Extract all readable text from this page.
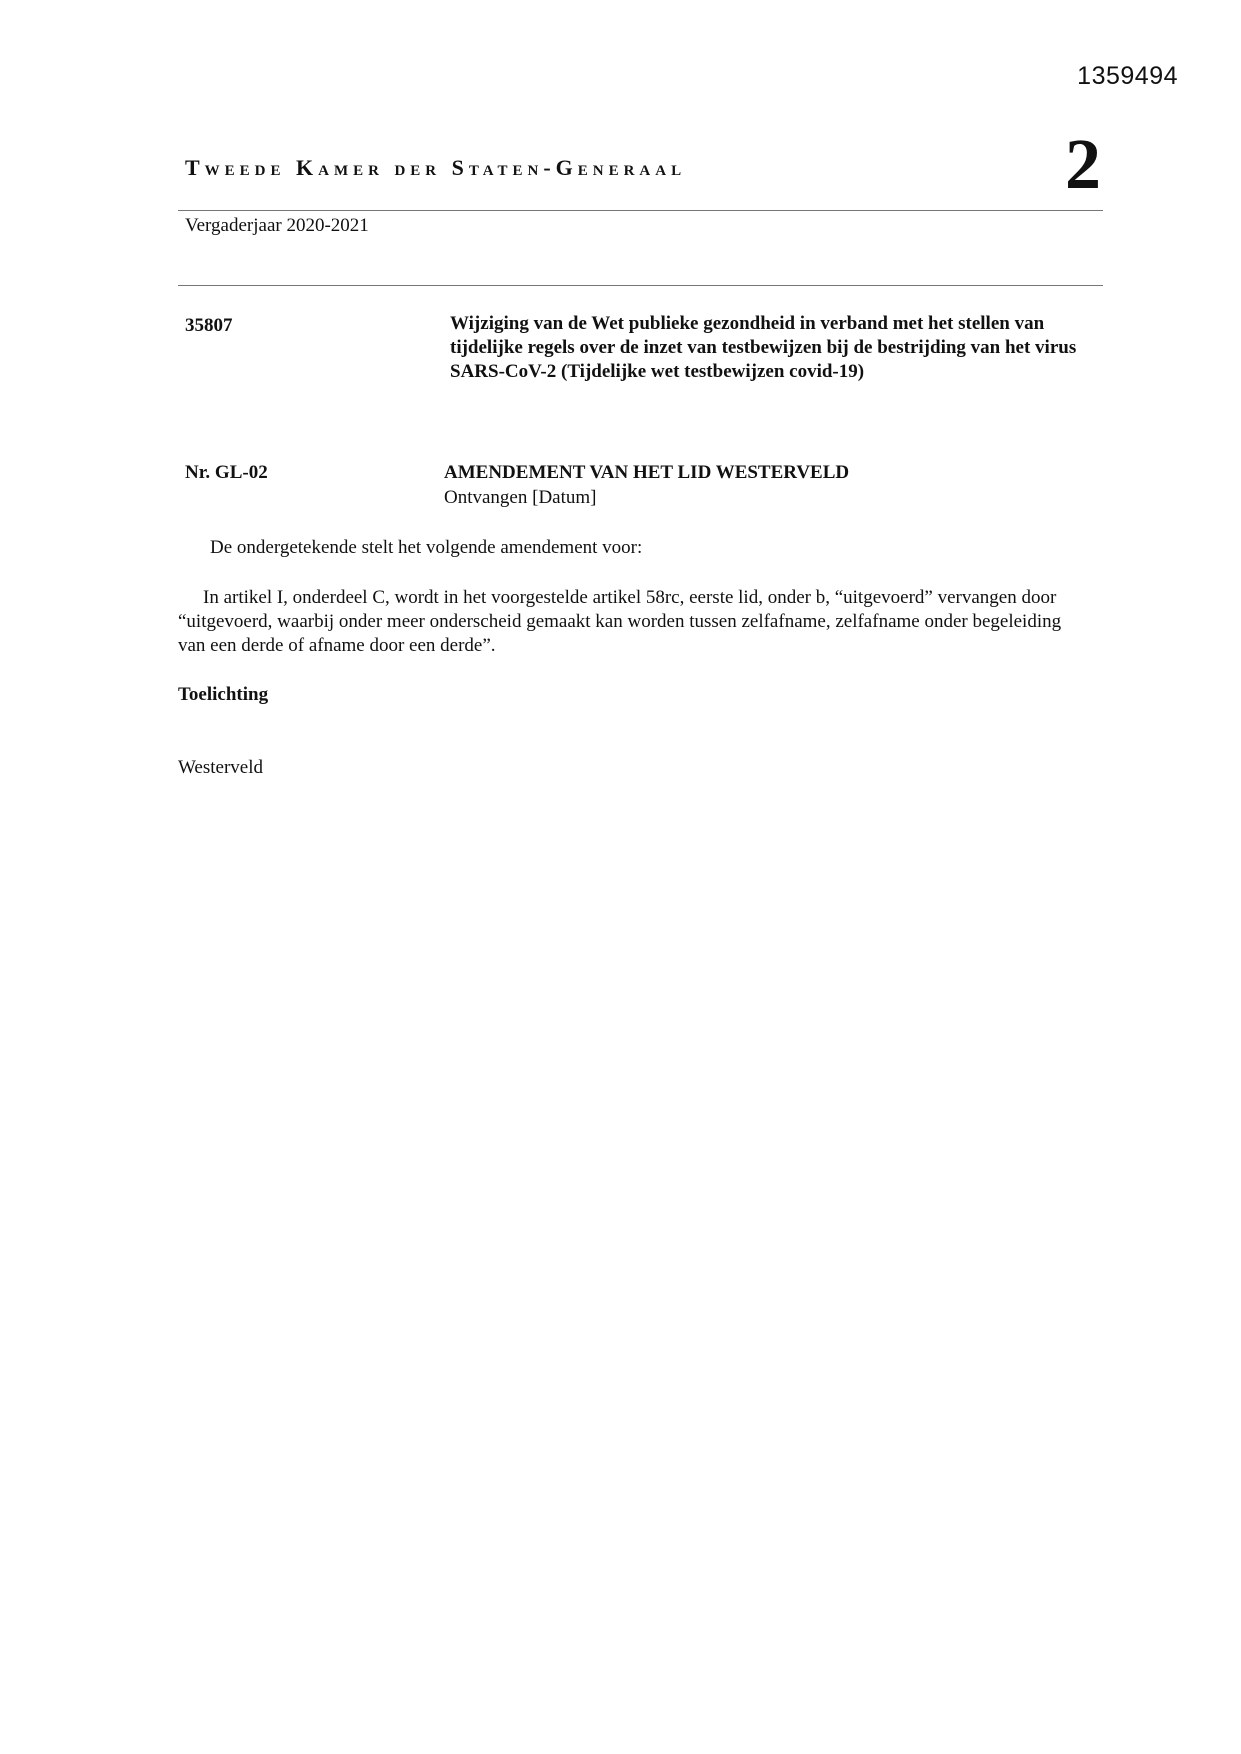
1359494
Tweede Kamer der Staten-Generaal	2
Vergaderjaar 2020-2021
35807	Wijziging van de Wet publieke gezondheid in verband met het stellen van tijdelijke regels over de inzet van testbewijzen bij de bestrijding van het virus SARS-CoV-2 (Tijdelijke wet testbewijzen covid-19)
Nr. GL-02	AMENDEMENT VAN HET LID WESTERVELD
Ontvangen [Datum]
De ondergetekende stelt het volgende amendement voor:
In artikel I, onderdeel C, wordt in het voorgestelde artikel 58rc, eerste lid, onder b, “uitgevoerd” vervangen door “uitgevoerd, waarbij onder meer onderscheid gemaakt kan worden tussen zelfafname, zelfafname onder begeleiding van een derde of afname door een derde”.
Toelichting
Westerveld
